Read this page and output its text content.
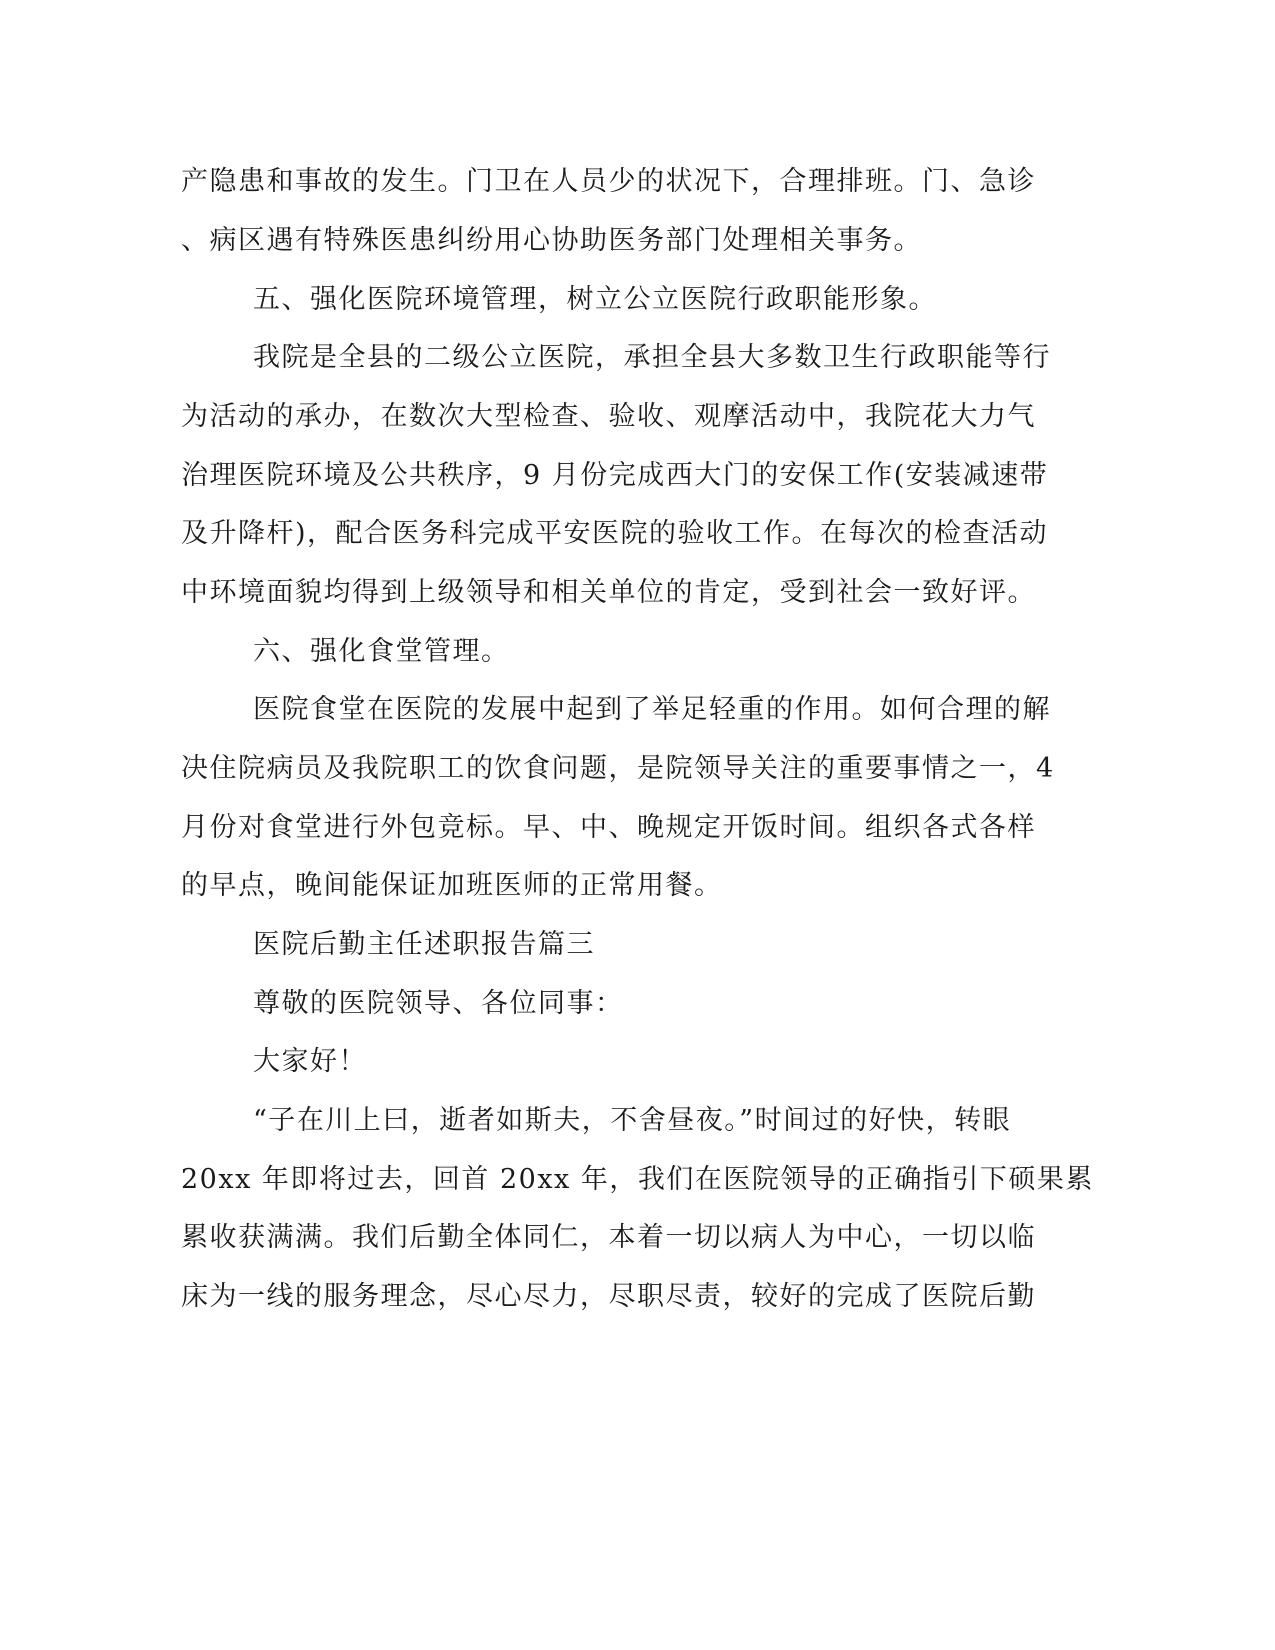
产隐患和事故的发生。门卫在人员少的状况下，合理排班。门、急诊
、病区遇有特殊医患纠纷用心协助医务部门处理相关事务。
五、强化医院环境管理，树立公立医院行政职能形象。
我院是全县的二级公立医院，承担全县大多数卫生行政职能等行
为活动的承办，在数次大型检查、验收、观摩活动中，我院花大力气
治理医院环境及公共秩序，9 月份完成西大门的安保工作(安装减速带
及升降杆)，配合医务科完成平安医院的验收工作。在每次的检查活动
中环境面貌均得到上级领导和相关单位的肯定，受到社会一致好评。
六、强化食堂管理。
医院食堂在医院的发展中起到了举足轻重的作用。如何合理的解
决住院病员及我院职工的饮食问题，是院领导关注的重要事情之一，4
月份对食堂进行外包竞标。早、中、晚规定开饭时间。组织各式各样
的早点，晚间能保证加班医师的正常用餐。
医院后勤主任述职报告篇三
尊敬的医院领导、各位同事：
大家好！
“子在川上曰，逝者如斯夫，不舍昼夜。”时间过的好快，转眼
20xx 年即将过去，回首 20xx 年，我们在医院领导的正确指引下硕果累
累收获满满。我们后勤全体同仁，本着一切以病人为中心，一切以临
床为一线的服务理念，尽心尽力，尽职尽责，较好的完成了医院后勤
